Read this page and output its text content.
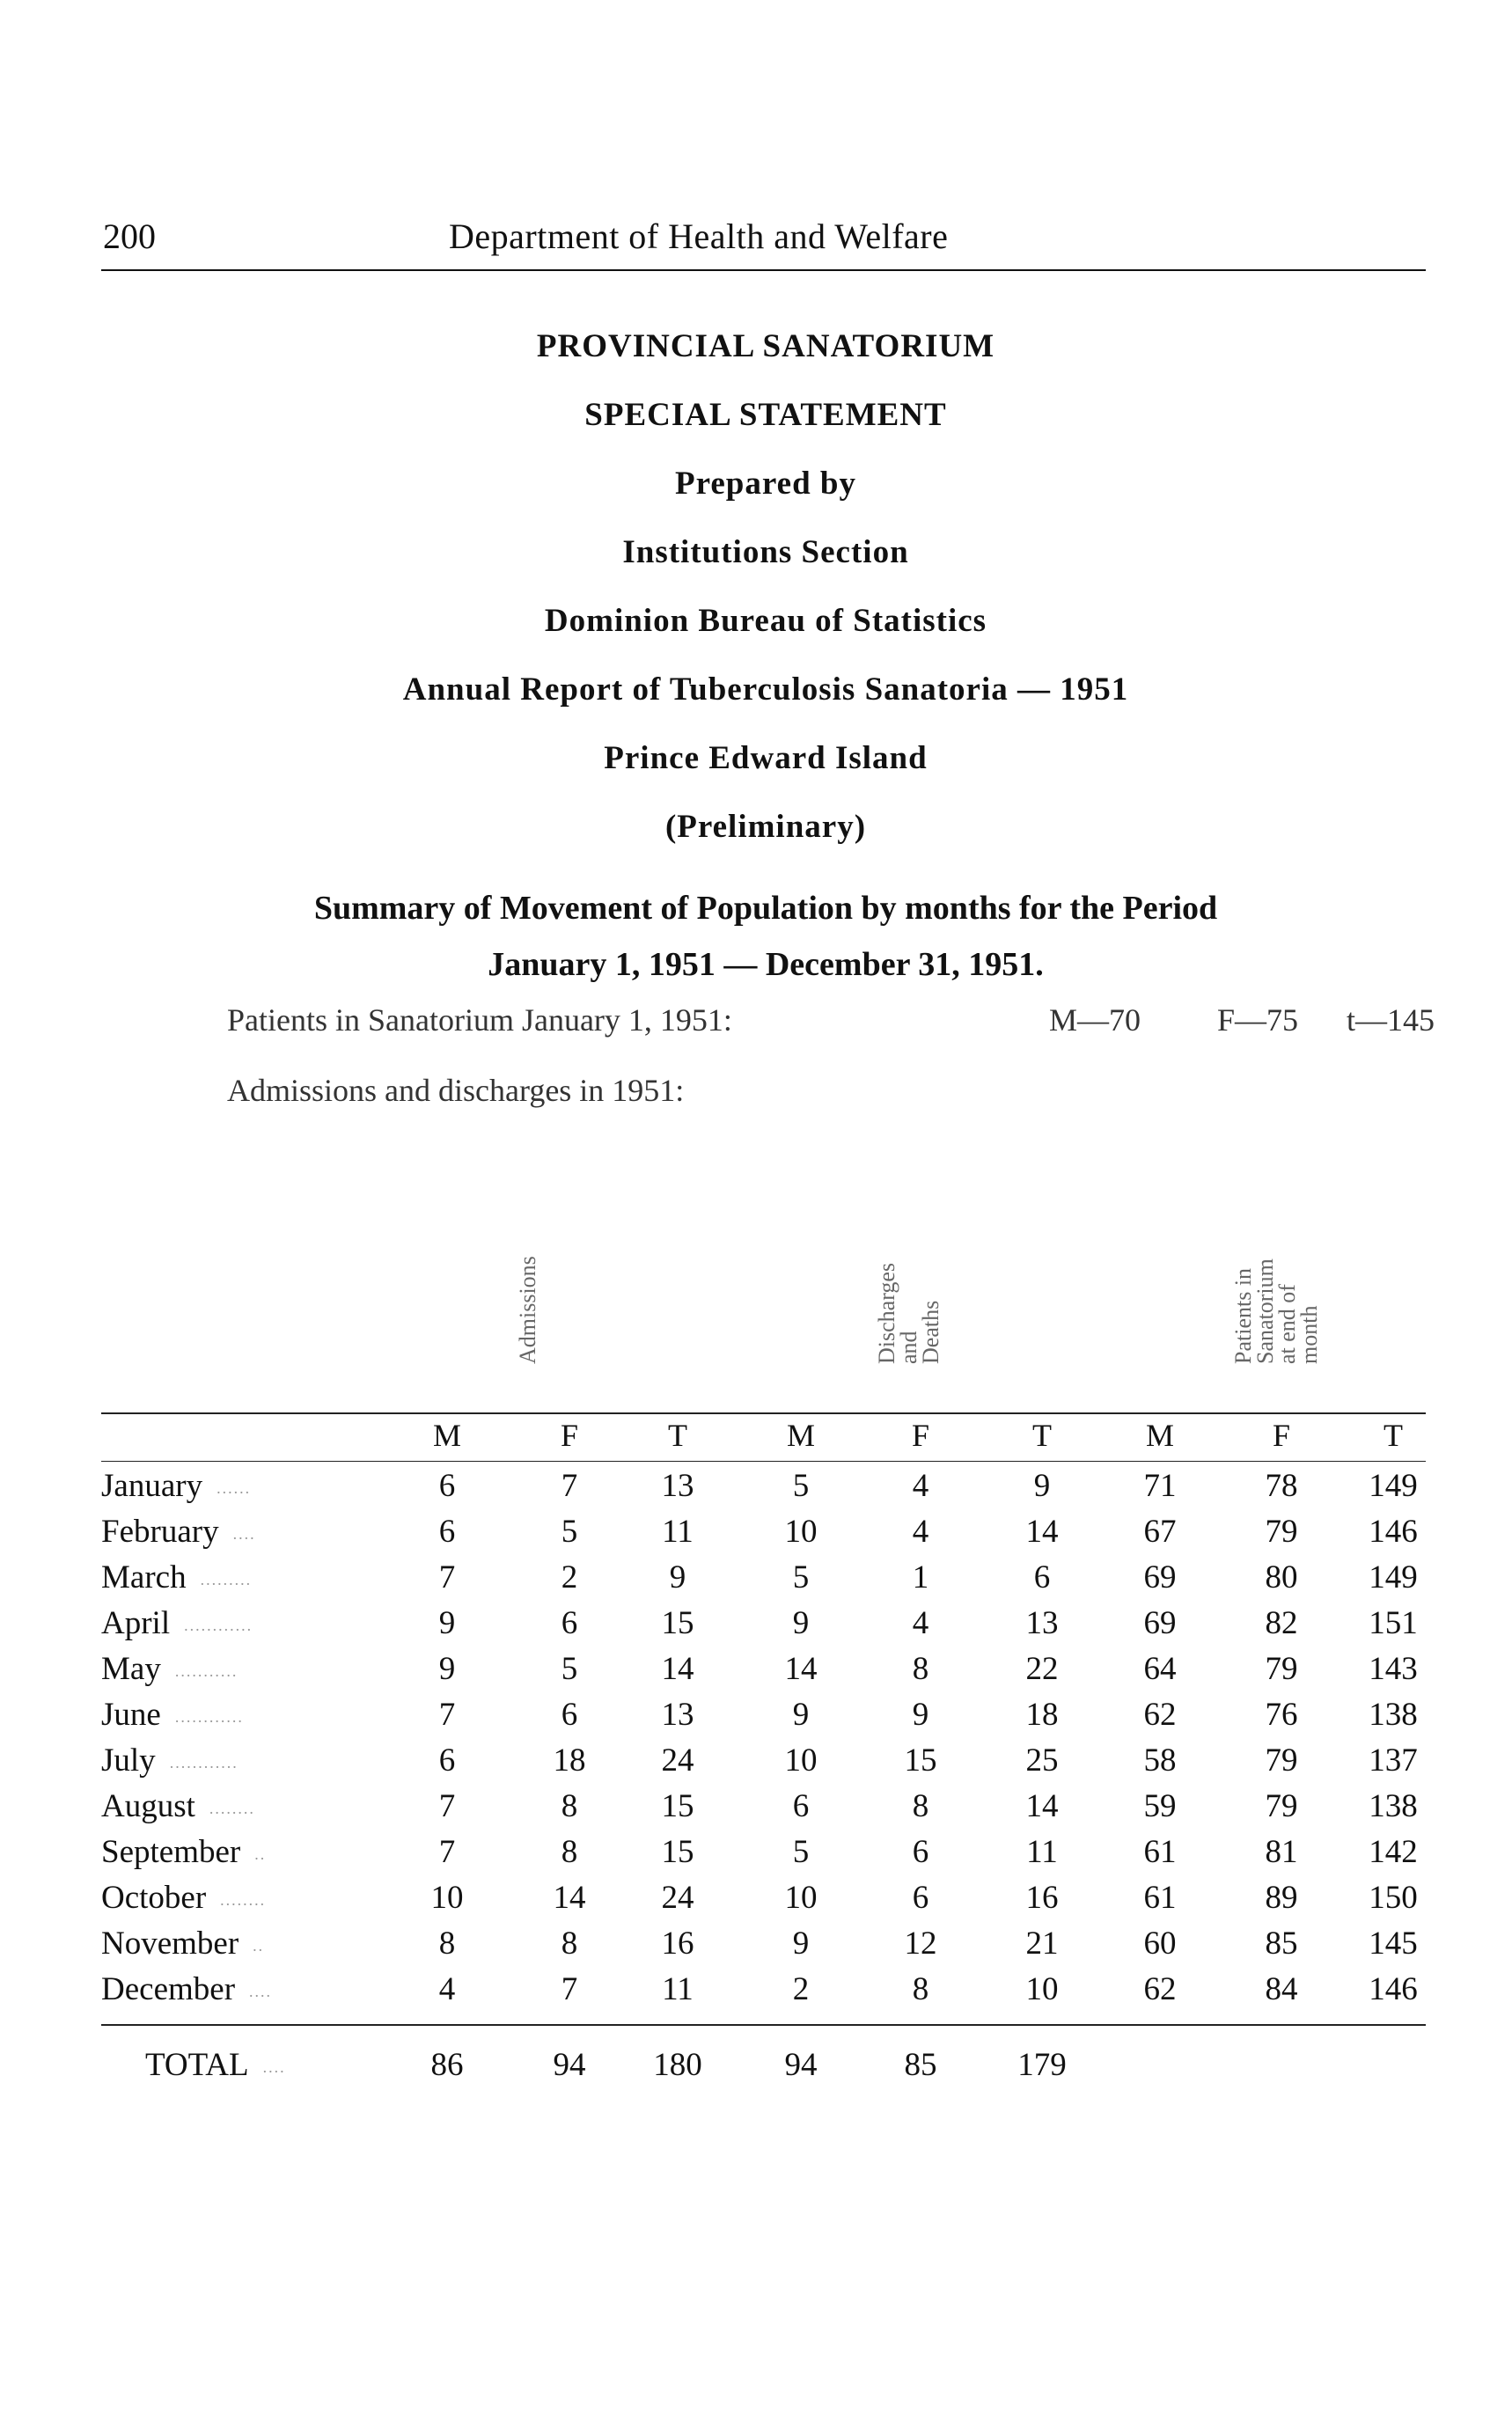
200	Department of Health and Welfare
PROVINCIAL SANATORIUM
SPECIAL STATEMENT
Prepared by
Institutions Section
Dominion Bureau of Statistics
Annual Report of Tuberculosis Sanatoria — 1951
Prince Edward Island
(Preliminary)
Summary of Movement of Population by months for the Period
January 1, 1951 — December 31, 1951.
Patients in Sanatorium January 1, 1951:	M—70 F—75 t—145
Admissions and discharges in 1951:
Admissions	Discharges
and
Deaths	Patients in
Sanatorium
at end of
month
M	F	T	M	F	T	M	F	T
January ......	6	7	13	5	4	9	71	78	149
February ....	6	5	11	10	4	14	67	79	146
March .........	7	2	9	5	1	6	69	80	149
April ............	9	6	15	9	4	13	69	82	151
May ...........	9	5	14	14	8	22	64	79	143
June ............	7	6	13	9	9	18	62	76	138
July ............	6	18	24	10	15	25	58	79	137
August ........	7	8	15	6	8	14	59	79	138
September ..	7	8	15	5	6	11	61	81	142
October ........	10	14	24	10	6	16	61	89	150
November ..	8	8	16	9	12	21	60	85	145
December ....	4	7	11	2	8	10	62	84	146
TOTAL ....	86	94	180	94	85	179
